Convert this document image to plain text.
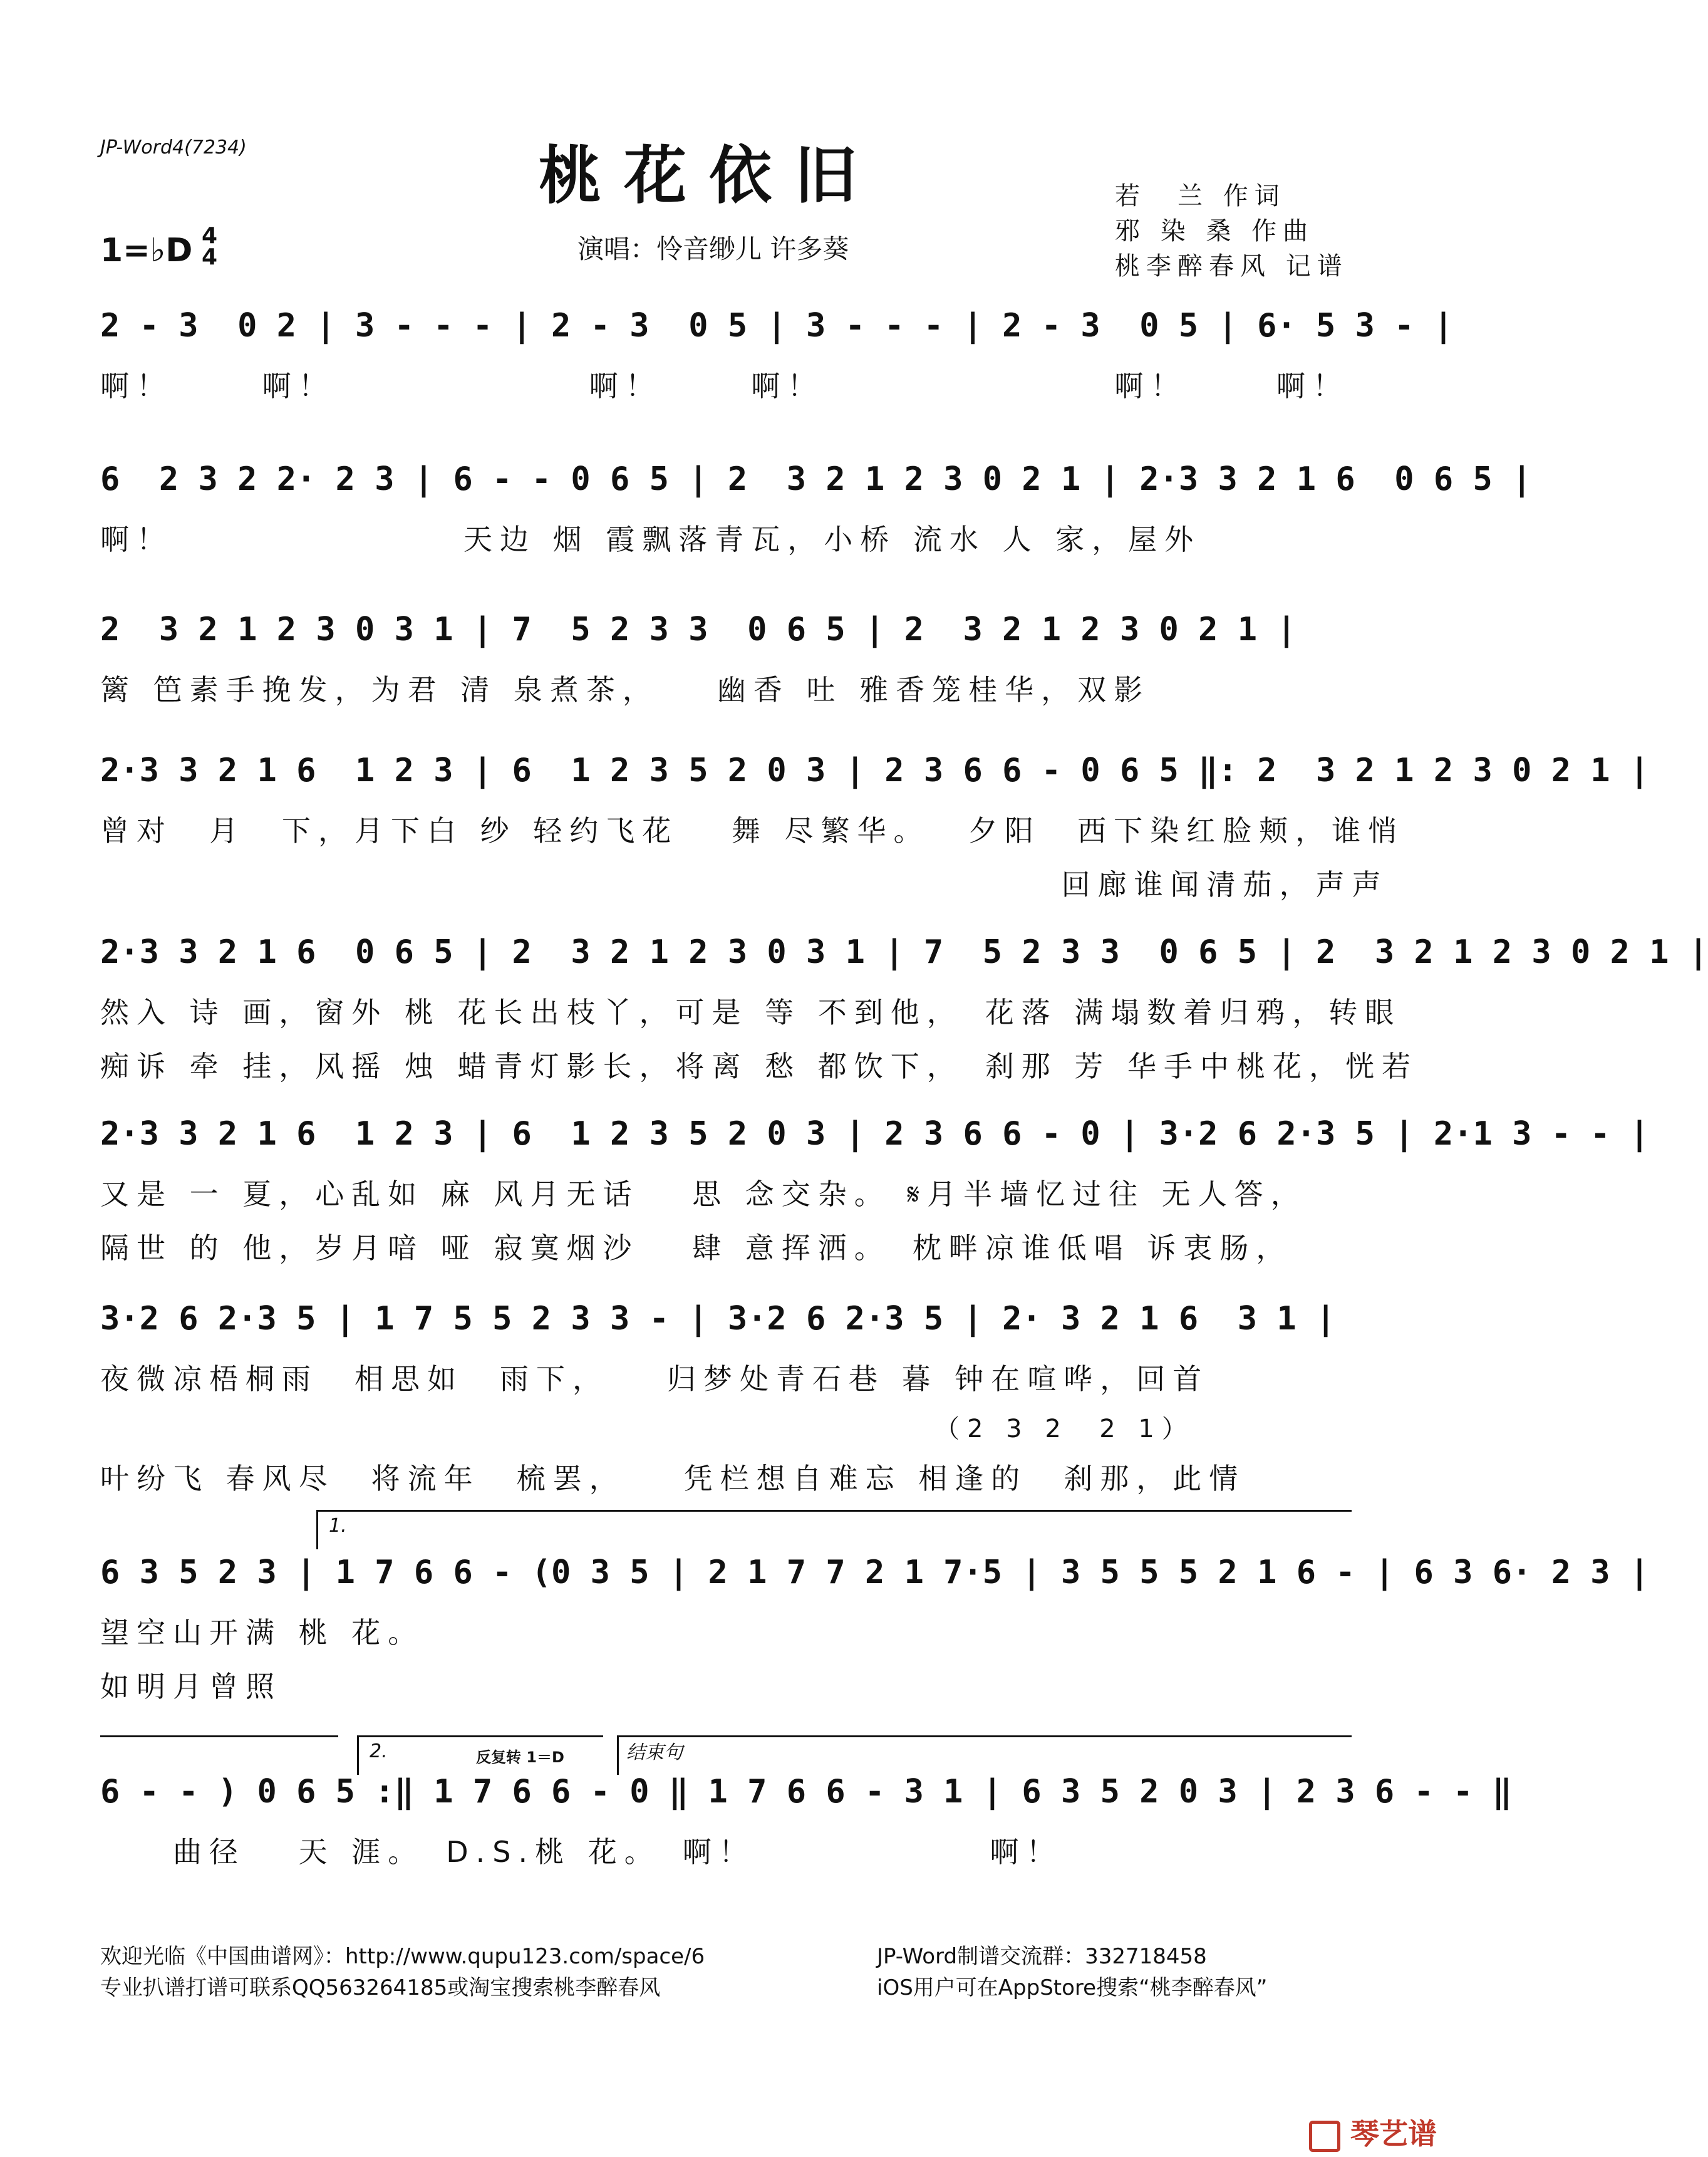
JP-Word4(7234)	桃花依旧
演唱：怜音缈儿 许多葵
1=♭D 4
4
若　兰 作词
邪 染 桑 作曲
桃李醉春风 记谱
2 - 3  0 2 | 3 - - - | 2 - 3  0 5 | 3 - - - | 2 - 3  0 5 | 6· 5 3 - |
啊！　　 啊！　　　　　　　啊！　　 啊！　　　　　　　　啊！　　 啊！
6  2 3 2 2· 2 3 | 6 - - 0 6 5 | 2  3 2 1 2 3 0 2 1 | 2·3 3 2 1 6  0 6 5 |
啊！　　　　　　　　天边 烟 霞飘落青瓦，小桥 流水 人 家，屋外
2  3 2 1 2 3 0 3 1 | 7  5 2 3 3  0 6 5 | 2  3 2 1 2 3 0 2 1 |
篱 笆素手挽发，为君 清 泉煮茶，　　幽香 吐 雅香笼桂华，双影
2·3 3 2 1 6  1 2 3 | 6  1 2 3 5 2 0 3 | 2 3 6 6 - 0 6 5 ‖: 2  3 2 1 2 3 0 2 1 |
曾对　月　下，月下白 纱 轻约飞花　 舞 尽繁华。　 夕阳　西下染红脸颊，谁悄
　　　　　　　　　　　　　　　　　　　　　　　　　　 回廊谁闻清茄，声声
2·3 3 2 1 6  0 6 5 | 2  3 2 1 2 3 0 3 1 | 7  5 2 3 3  0 6 5 | 2  3 2 1 2 3 0 2 1 |
然入 诗 画，窗外 桃 花长出枝丫，可是 等 不到他，　花落 满塌数着归鸦，转眼
痴诉 牵 挂，风摇 烛 蜡青灯影长，将离 愁 都饮下，　刹那 芳 华手中桃花，恍若
2·3 3 2 1 6  1 2 3 | 6  1 2 3 5 2 0 3 | 2 3 6 6 - 0 | 3·2 6 2·3 5 | 2·1 3 - - |
又是 一 夏，心乱如 麻 风月无话　 思 念交杂。 𝄋月半墙忆过往 无人答，
隔世 的 他，岁月喑 哑 寂寞烟沙　 肆 意挥洒。　枕畔凉谁低唱 诉衷肠，
3·2 6 2·3 5 | 1 7 5 5 2 3 3 - | 3·2 6 2·3 5 | 2· 3 2 1 6  3 1 |
夜微凉梧桐雨　相思如　雨下，　　归梦处青石巷 暮 钟在喧哗，回首
　　　　　　　　　　　　　　　　　　　　　　　　　　（2 3 2  2 1）
叶纷飞 春风尽　将流年　梳罢，　　凭栏想自难忘 相逢的　刹那，此情
1.
6 3 5 2 3 | 1 7 6 6 - (0 3 5 | 2 1 7 7 2 1 7·5 | 3 5 5 5 2 1 6 - | 6 3 6· 2 3 |
望空山开满 桃 花。
如明月曾照
2.	反复转 1＝D	结束句
6 - - ) 0 6 5 :‖ 1 7 6 6 - 0 ‖ 1 7 6 6 - 3 1 | 6 3 5 2 0 3 | 2 3 6 - - ‖
　　曲径　 天 涯。　D.S.桃 花。　啊！　　　　　　 啊！
欢迎光临《中国曲谱网》：http://www.qupu123.com/space/6
专业扒谱打谱可联系QQ563264185或淘宝搜索桃李醉春风
JP-Word制谱交流群：332718458
iOS用户可在AppStore搜索“桃李醉春风”
琴艺谱
